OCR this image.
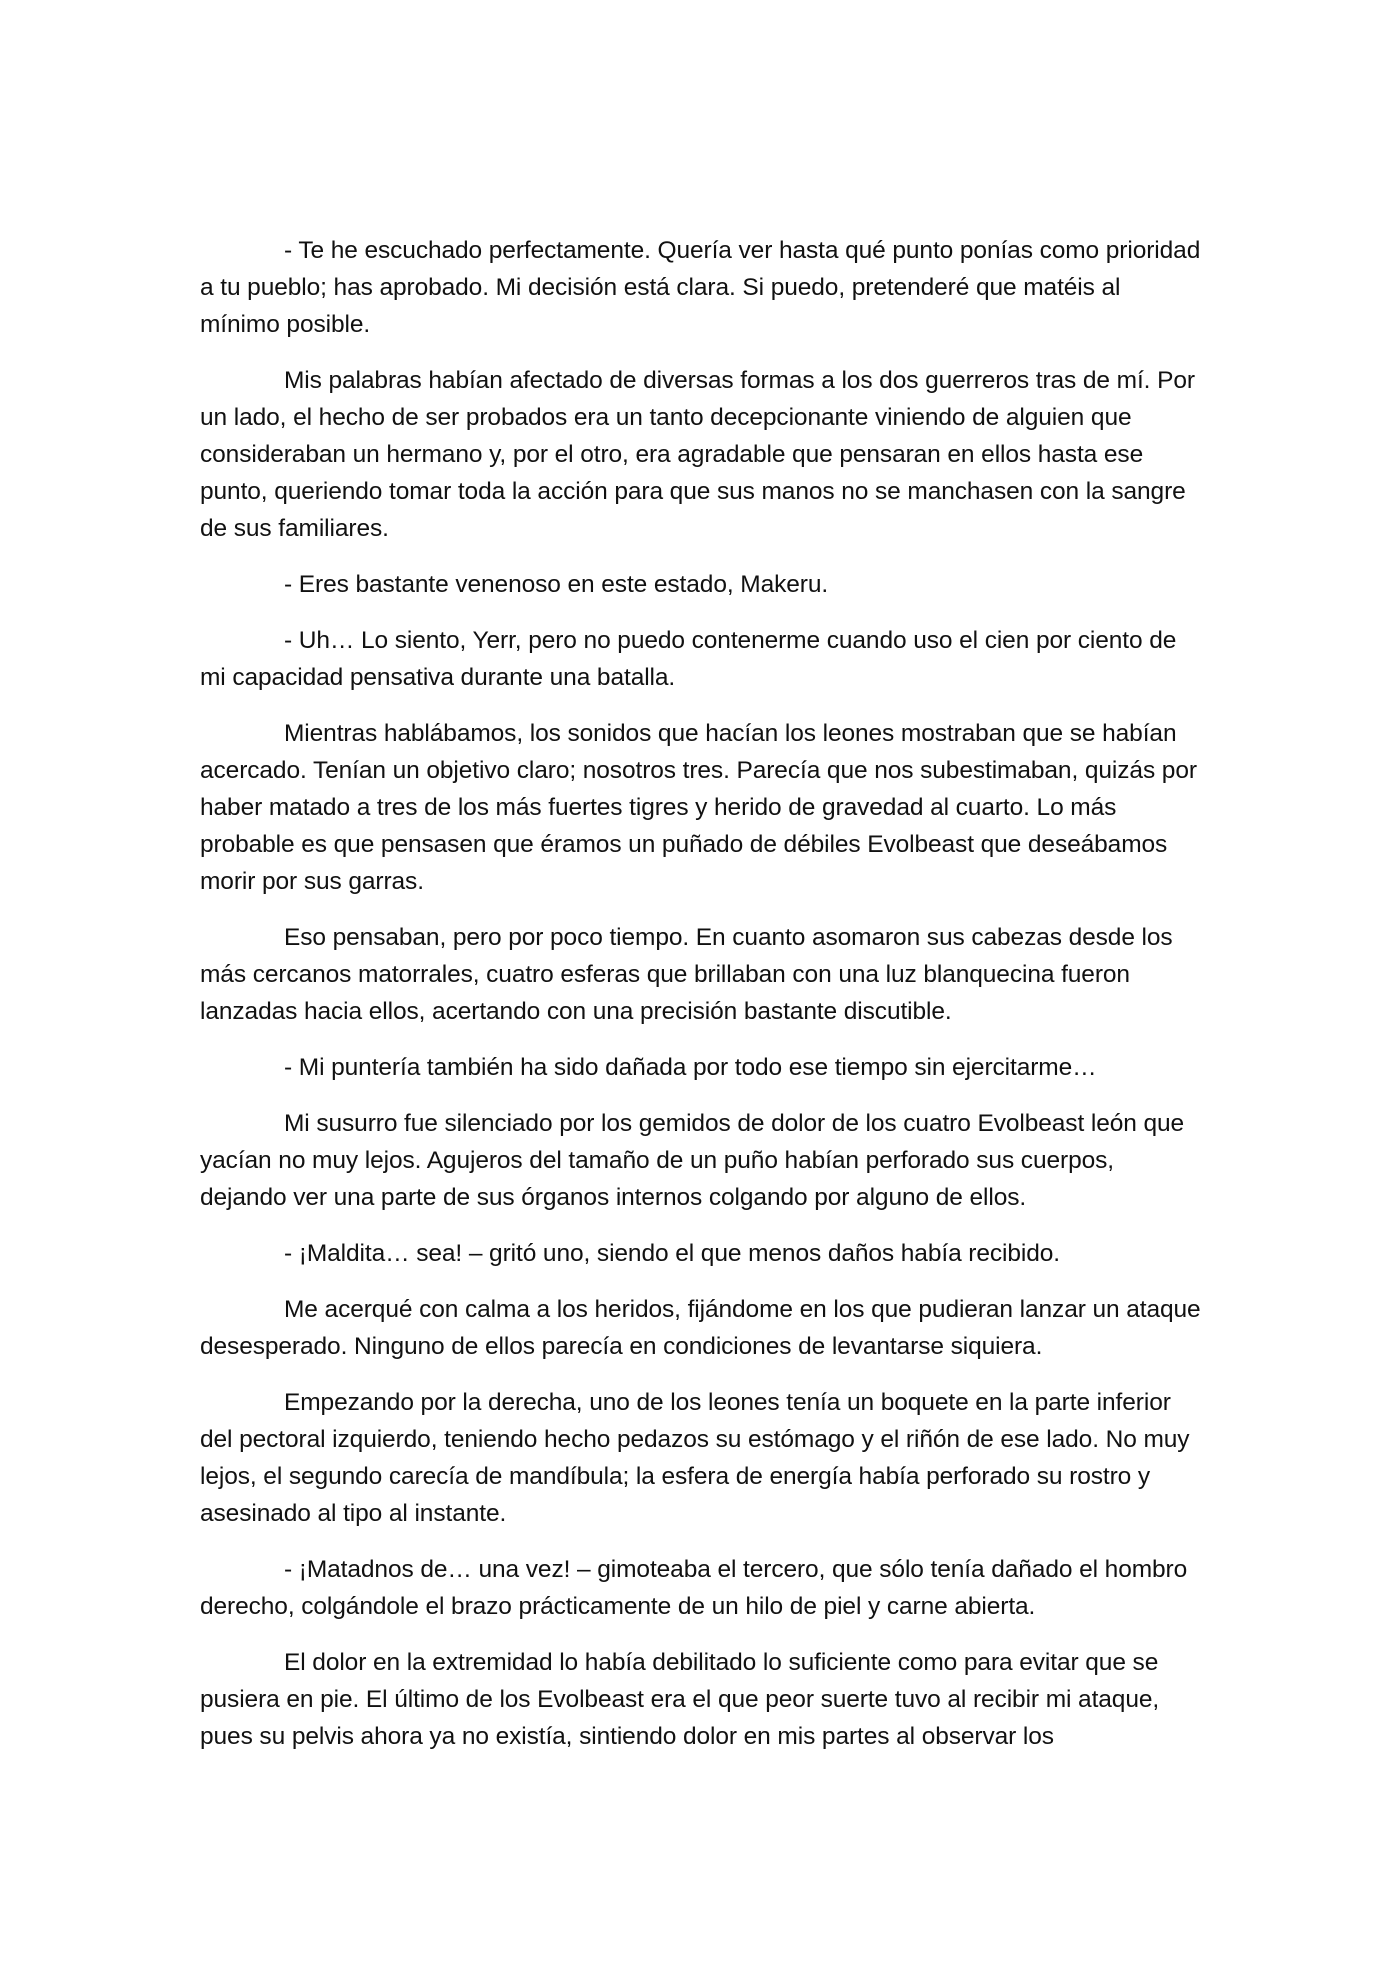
- Te he escuchado perfectamente. Quería ver hasta qué punto ponías como prioridad a tu pueblo; has aprobado. Mi decisión está clara. Si puedo, pretenderé que matéis al mínimo posible.

Mis palabras habían afectado de diversas formas a los dos guerreros tras de mí. Por un lado, el hecho de ser probados era un tanto decepcionante viniendo de alguien que consideraban un hermano y, por el otro, era agradable que pensaran en ellos hasta ese punto, queriendo tomar toda la acción para que sus manos no se manchasen con la sangre de sus familiares.

- Eres bastante venenoso en este estado, Makeru.

- Uh… Lo siento, Yerr, pero no puedo contenerme cuando uso el cien por ciento de mi capacidad pensativa durante una batalla.

Mientras hablábamos, los sonidos que hacían los leones mostraban que se habían acercado. Tenían un objetivo claro; nosotros tres. Parecía que nos subestimaban, quizás por haber matado a tres de los más fuertes tigres y herido de gravedad al cuarto. Lo más probable es que pensasen que éramos un puñado de débiles Evolbeast que deseábamos morir por sus garras.

Eso pensaban, pero por poco tiempo. En cuanto asomaron sus cabezas desde los más cercanos matorrales, cuatro esferas que brillaban con una luz blanquecina fueron lanzadas hacia ellos, acertando con una precisión bastante discutible.

- Mi puntería también ha sido dañada por todo ese tiempo sin ejercitarme…

Mi susurro fue silenciado por los gemidos de dolor de los cuatro Evolbeast león que yacían no muy lejos. Agujeros del tamaño de un puño habían perforado sus cuerpos, dejando ver una parte de sus órganos internos colgando por alguno de ellos.

- ¡Maldita… sea! – gritó uno, siendo el que menos daños había recibido.

Me acerqué con calma a los heridos, fijándome en los que pudieran lanzar un ataque desesperado. Ninguno de ellos parecía en condiciones de levantarse siquiera.

Empezando por la derecha, uno de los leones tenía un boquete en la parte inferior del pectoral izquierdo, teniendo hecho pedazos su estómago y el riñón de ese lado. No muy lejos, el segundo carecía de mandíbula; la esfera de energía había perforado su rostro y asesinado al tipo al instante.

- ¡Matadnos de… una vez! – gimoteaba el tercero, que sólo tenía dañado el hombro derecho, colgándole el brazo prácticamente de un hilo de piel y carne abierta.

El dolor en la extremidad lo había debilitado lo suficiente como para evitar que se pusiera en pie. El último de los Evolbeast era el que peor suerte tuvo al recibir mi ataque, pues su pelvis ahora ya no existía, sintiendo dolor en mis partes al observar los
